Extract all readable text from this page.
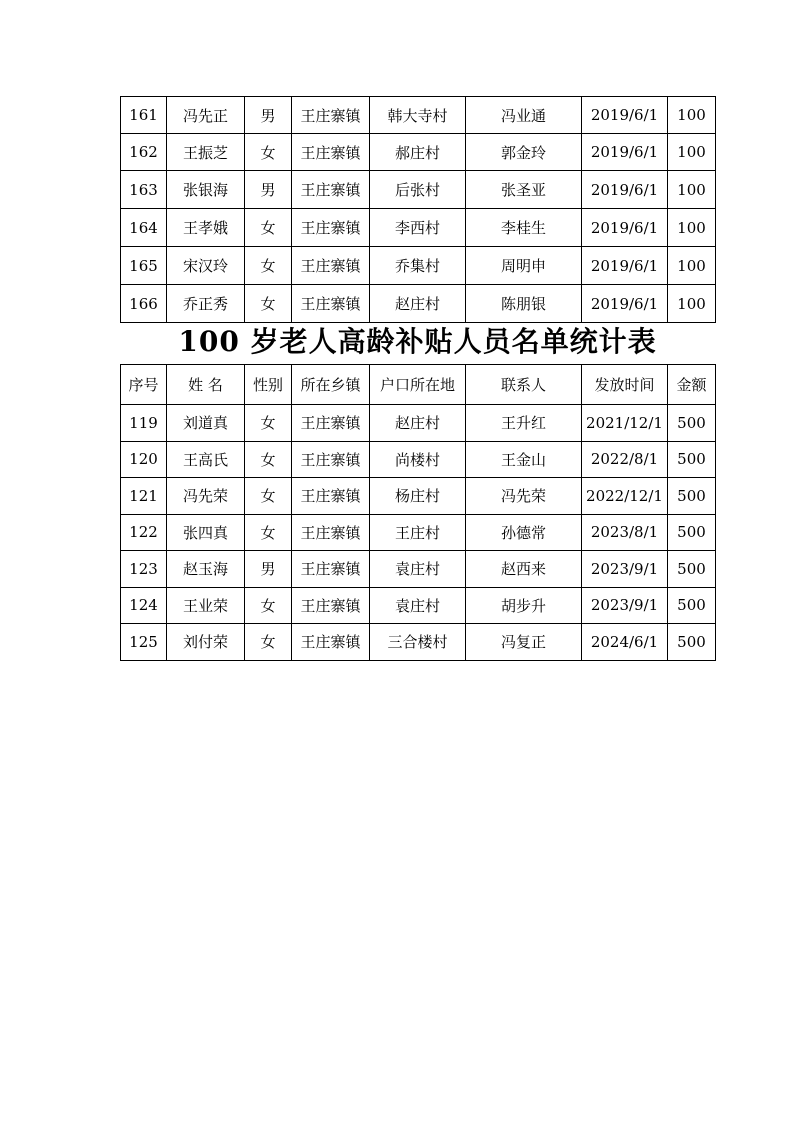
161	冯先正	男	王庄寨镇	韩大寺村	冯业通	2019/6/1	100
162	王振芝	女	王庄寨镇	郝庄村	郭金玲	2019/6/1	100
163	张银海	男	王庄寨镇	后张村	张圣亚	2019/6/1	100
164	王孝娥	女	王庄寨镇	李西村	李桂生	2019/6/1	100
165	宋汉玲	女	王庄寨镇	乔集村	周明申	2019/6/1	100
166	乔正秀	女	王庄寨镇	赵庄村	陈朋银	2019/6/1	100
100 岁老人高龄补贴人员名单统计表
序号	姓 名	性别	所在乡镇	户口所在地	联系人	发放时间	金额
119	刘道真	女	王庄寨镇	赵庄村	王升红	2021/12/1	500
120	王高氏	女	王庄寨镇	尚楼村	王金山	2022/8/1	500
121	冯先荣	女	王庄寨镇	杨庄村	冯先荣	2022/12/1	500
122	张四真	女	王庄寨镇	王庄村	孙德常	2023/8/1	500
123	赵玉海	男	王庄寨镇	袁庄村	赵西来	2023/9/1	500
124	王业荣	女	王庄寨镇	袁庄村	胡步升	2023/9/1	500
125	刘付荣	女	王庄寨镇	三合楼村	冯复正	2024/6/1	500
